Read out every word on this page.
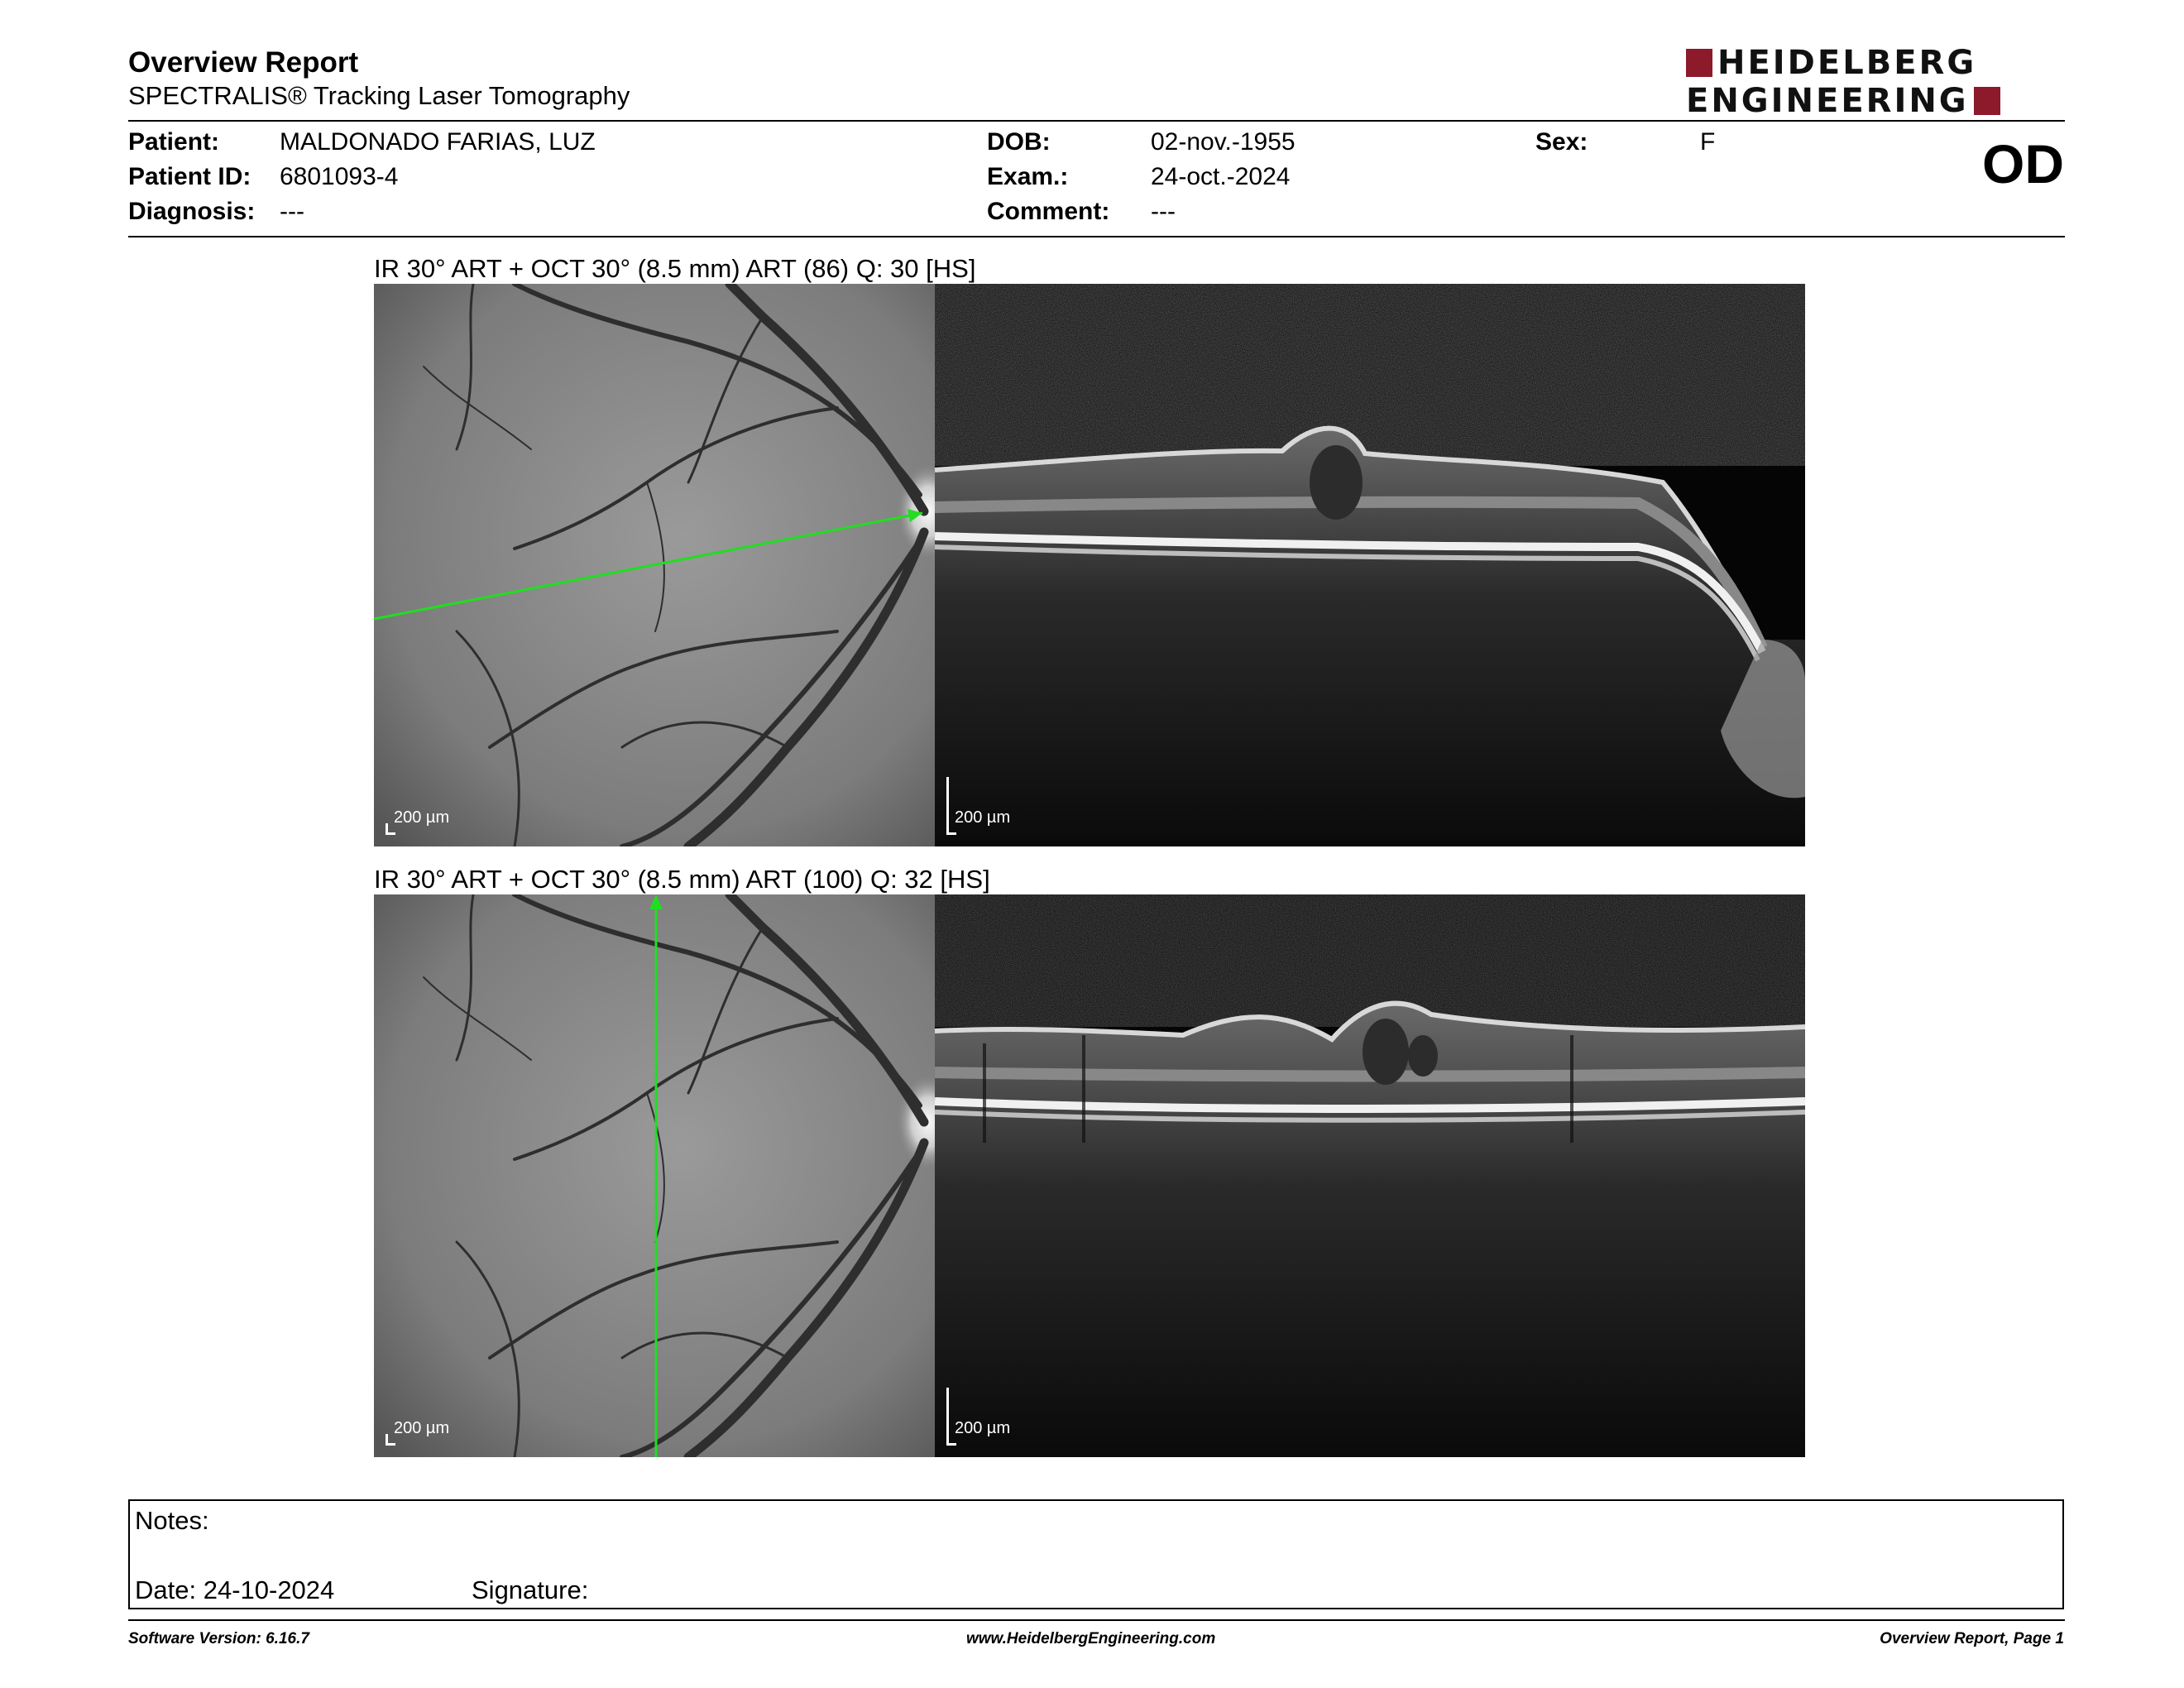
Overview Report
SPECTRALIS® Tracking Laser Tomography
HEIDELBERG
ENGINEERING
Patient: MALDONADO FARIAS, LUZ
Patient ID: 6801093-4
Diagnosis: ---
DOB:	02-nov.-1955
Exam.:	24-oct.-2024
Comment: ---
Sex:	F	OD
IR 30° ART + OCT 30° (8.5 mm) ART (86) Q: 30 [HS]
200 µm	200 µm
IR 30° ART + OCT 30° (8.5 mm) ART (100) Q: 32 [HS]
200 µm	200 µm
Notes:
Date: 24-10-2024	Signature:
Software Version: 6.16.7	www.HeidelbergEngineering.com	Overview Report, Page 1
